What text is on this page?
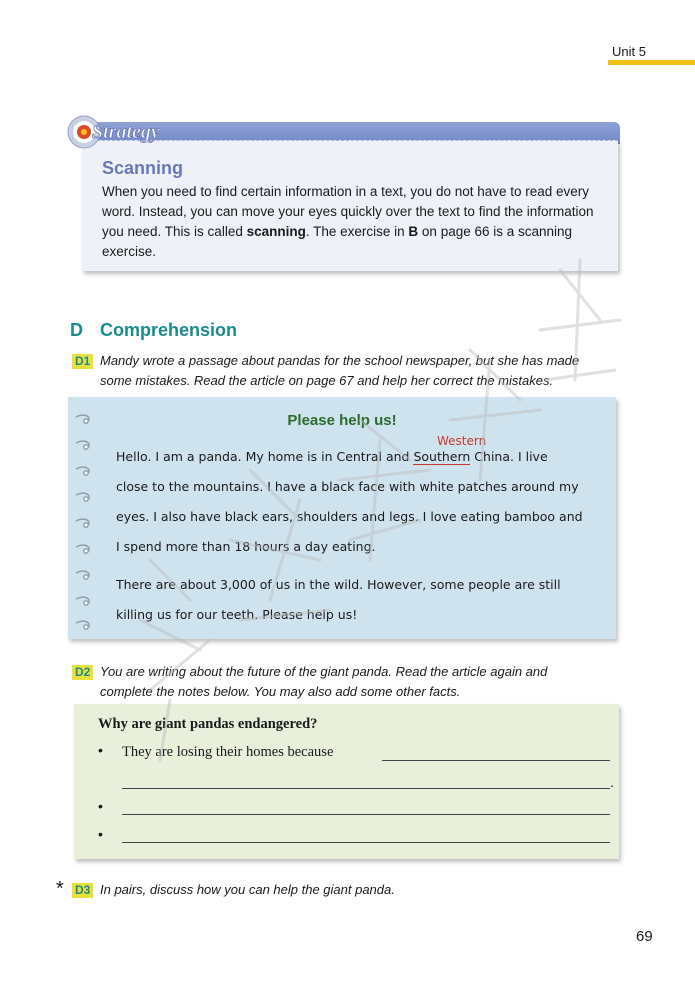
Unit 5
Strategy
Scanning
When you need to find certain information in a text, you do not have to read every word. Instead, you can move your eyes quickly over the text to find the information you need. This is called scanning. The exercise in B on page 66 is a scanning exercise.
D Comprehension
D1 Mandy wrote a passage about pandas for the school newspaper, but she has made
some mistakes. Read the article on page 67 and help her correct the mistakes.
Please help us!
Western
Hello. I am a panda. My home is in Central and Southern China. I live
close to the mountains. I have a black face with white patches around my
eyes. I also have black ears, shoulders and legs. I love eating bamboo and
I spend more than 18 hours a day eating.
There are about 3,000 of us in the wild. However, some people are still
killing us for our teeth. Please help us!
D2 You are writing about the future of the giant panda. Read the article again and
complete the notes below. You may also add some other facts.
Why are giant pandas endangered?
• They are losing their homes because
.
•
•
* D3 In pairs, discuss how you can help the giant panda.
69
